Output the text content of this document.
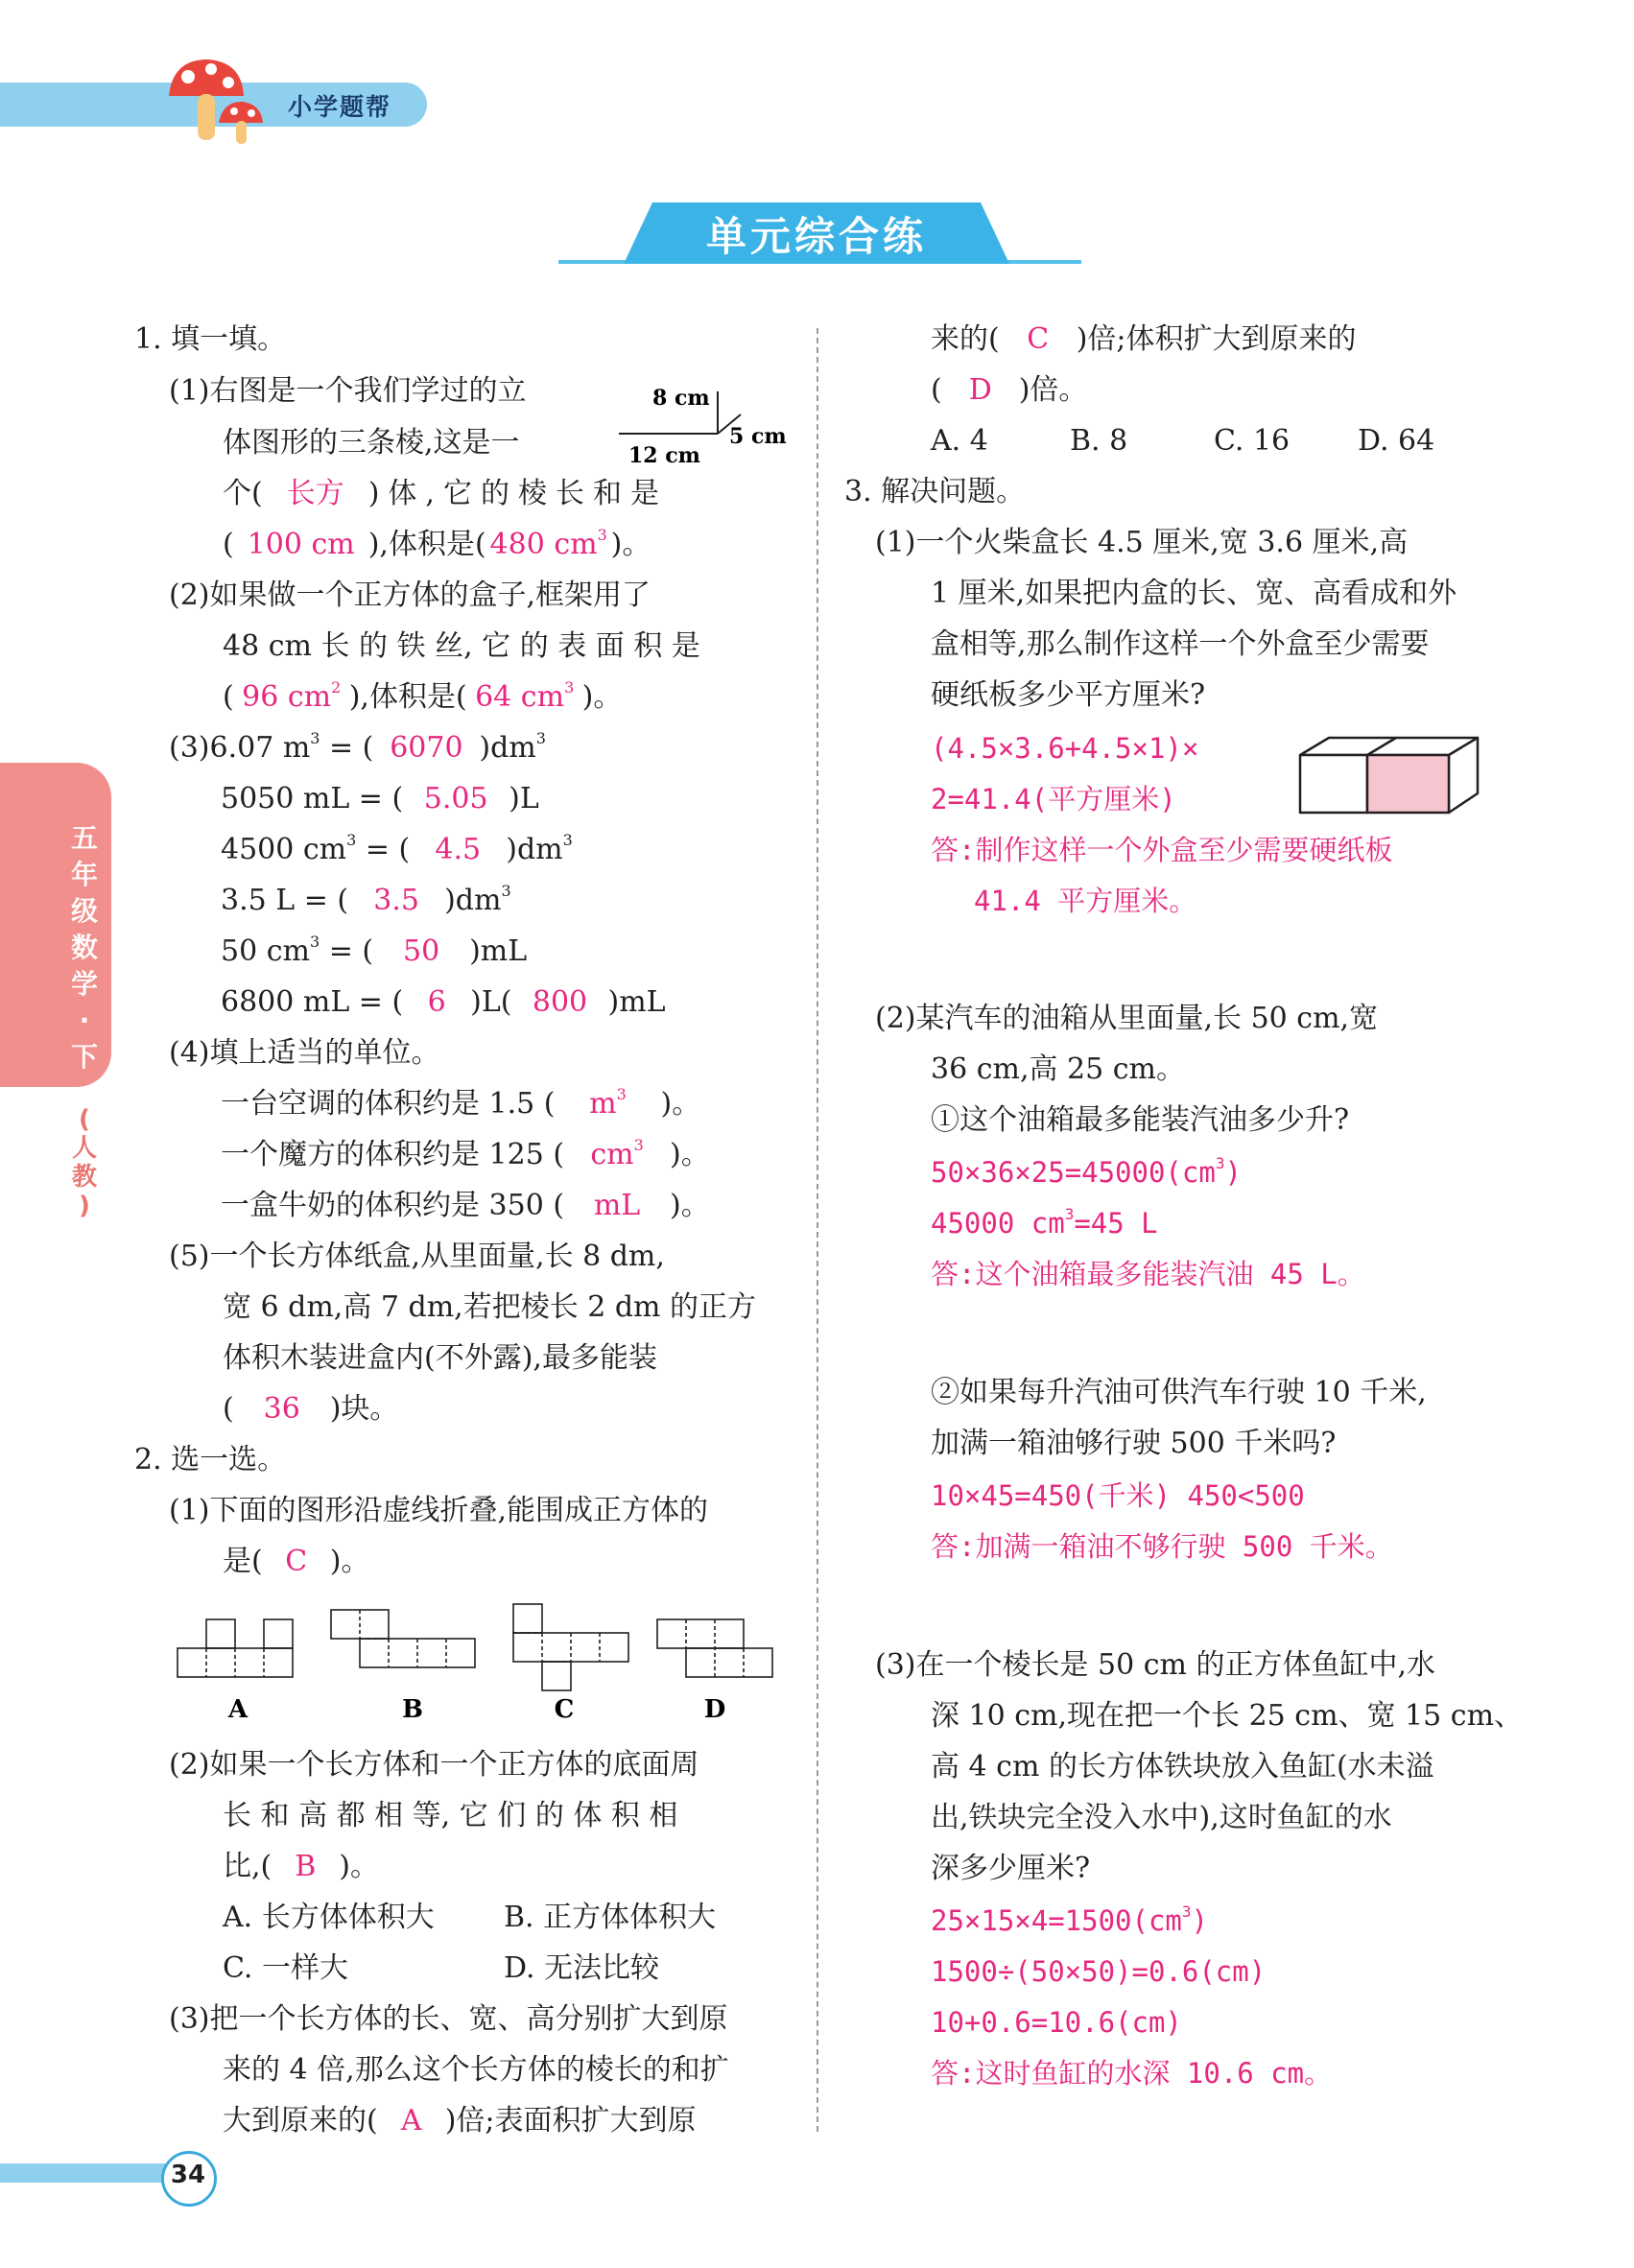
小学题帮
单元综合练
五
年
级
数
学
·
下
(
人
教
)
1. 填一填。
(1)右图是一个我们学过的立
体图形的三条棱,这是一
个( 长方 )体,它的棱长和是
( 100 cm ),体积是( 480 $cm^3$ )。
8 cm
12 cm
5 cm
(2)如果做一个正方体的盒子,框架用了
48 cm 长 的 铁 丝, 它 的 表 面 积 是
( 96 $cm^2$ ),体积是( 64 $cm^3$ )。
(3)6.07 $m^3$ = ( 6070 )$dm^3$
5050 mL = ( 5.05 )L
4500 $cm^3$ = ( 4.5 )$dm^3$
3.5 L = ( 3.5 )$dm^3$
50 $cm^3$ = ( 50 )mL
6800 mL = ( 6 )L( 800 )mL
(4)填上适当的单位。
一台空调的体积约是 1.5 ( $m^3$ )。
一个魔方的体积约是 125 ( $cm^3$ )。
一盒牛奶的体积约是 350 ( mL )。
(5)一个长方体纸盒,从里面量,长 8 dm,
宽 6 dm,高 7 dm,若把棱长 2 dm 的正方
体积木装进盒内(不外露),最多能装
( 36 )块。
2. 选一选。
(1)下面的图形沿虚线折叠,能围成正方体的
是( C )。
A	B	C	D
(2)如果一个长方体和一个正方体的底面周
长 和 高 都 相 等, 它 们 的 体 积 相
比,( B )。
A. 长方体体积大 B. 正方体体积大
C. 一样大	D. 无法比较
(3)把一个长方体的长、宽、高分别扩大到原
来的 4 倍,那么这个长方体的棱长的和扩
大到原来的( A )倍;表面积扩大到原
来的( C )倍;体积扩大到原来的
( D )倍。
A. 4	B. 8	C. 16 D. 64
3. 解决问题。
(1)一个火柴盒长 4.5 厘米,宽 3.6 厘米,高
1 厘米,如果把内盒的长、宽、高看成和外
盒相等,那么制作这样一个外盒至少需要
硬纸板多少平方厘米?
(4.5×3.6+4.5×1)×
2=41.4(平方厘米)
答:制作这样一个外盒至少需要硬纸板
41.4 平方厘米。
(2)某汽车的油箱从里面量,长 50 cm,宽
36 cm,高 25 cm。
①这个油箱最多能装汽油多少升?
$50\times 36\times 25=45000(cm^3)$
45000 $cm^3=45$ L
答:这个油箱最多能装汽油 45 L。
②如果每升汽油可供汽车行驶 10 千米,
加满一箱油够行驶 500 千米吗?
10×45=450(千米) 450<500
答:加满一箱油不够行驶 500 千米。
(3)在一个棱长是 50 cm 的正方体鱼缸中,水
深 10 cm,现在把一个长 25 cm、宽 15 cm、
高 4 cm 的长方体铁块放入鱼缸(水未溢
出,铁块完全没入水中),这时鱼缸的水
深多少厘米?
$25\times 15\times 4=1500(cm^3)$
1500÷(50×50)=0.6(cm)
10+0.6=10.6(cm)
答:这时鱼缸的水深 10.6 cm。
34
